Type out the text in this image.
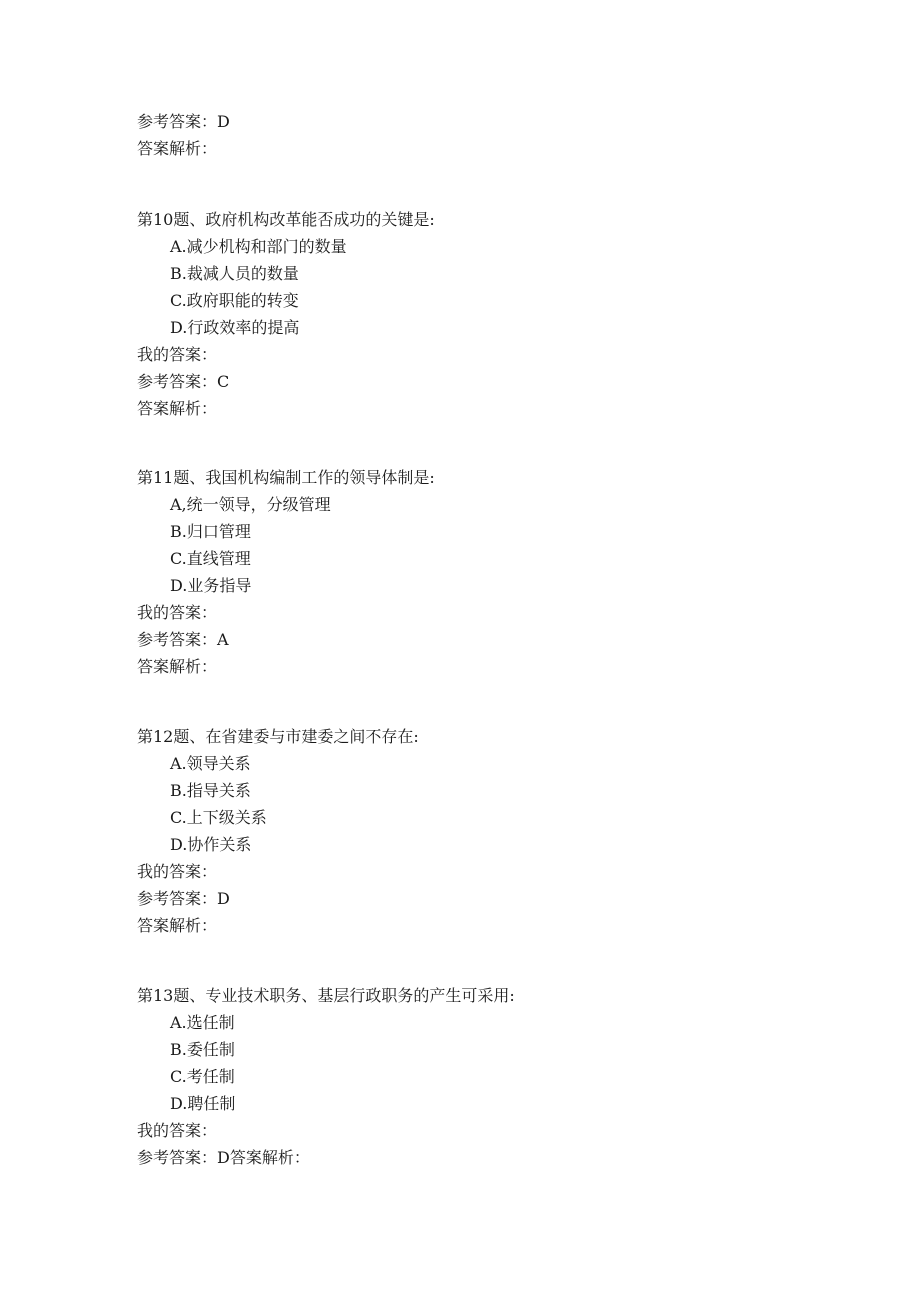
参考答案：D
答案解析：
第10题、政府机构改革能否成功的关键是:
A.减少机构和部门的数量
B.裁减人员的数量
C.政府职能的转变
D.行政效率的提高
我的答案：
参考答案：C
答案解析：
第11题、我国机构编制工作的领导体制是:
A,统一领导，分级管理
B.归口管理
C.直线管理
D.业务指导
我的答案：
参考答案：A
答案解析：
第12题、在省建委与市建委之间不存在:
A.领导关系
B.指导关系
C.上下级关系
D.协作关系
我的答案：
参考答案：D
答案解析：
第13题、专业技术职务、基层行政职务的产生可采用:
A.选任制
B.委任制
C.考任制
D.聘任制
我的答案：
参考答案：D答案解析：
